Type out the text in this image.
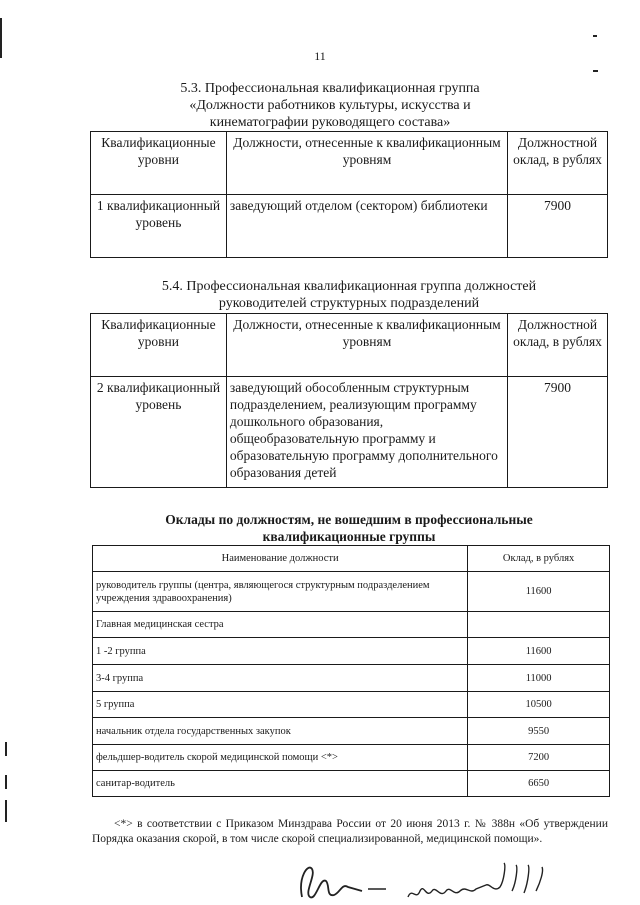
11
5.3. Профессиональная квалификационная группа
«Должности работников культуры, искусства и
кинематографии руководящего состава»
Квалификационные уровни	Должности, отнесенные к квалификационным уровням	Должностной оклад, в рублях
1 квалификационный уровень	заведующий отделом (сектором) библиотеки	7900
5.4. Профессиональная квалификационная группа должностей
руководителей структурных подразделений
Квалификационные уровни	Должности, отнесенные к квалификационным уровням	Должностной оклад, в рублях
2 квалификационный уровень	заведующий обособленным структурным подразделением, реализующим программу дошкольного образования, общеобразовательную программу и образовательную программу дополнительного образования детей	7900
Оклады по должностям, не вошедшим в профессиональные
квалификационные группы
Наименование должности	Оклад, в рублях
руководитель группы (центра, являющегося структурным подразделением учреждения здравоохранения)	11600
Главная медицинская сестра	
1 -2 группа	11600
3-4 группа	11000
5 группа	10500
начальник отдела государственных закупок	9550
фельдшер-водитель скорой медицинской помощи <*>	7200
санитар-водитель	6650
<*> в соответствии с Приказом Минздрава России от 20 июня 2013 г. № 388н «Об утверждении Порядка оказания скорой, в том числе скорой специализированной, медицинской помощи».
